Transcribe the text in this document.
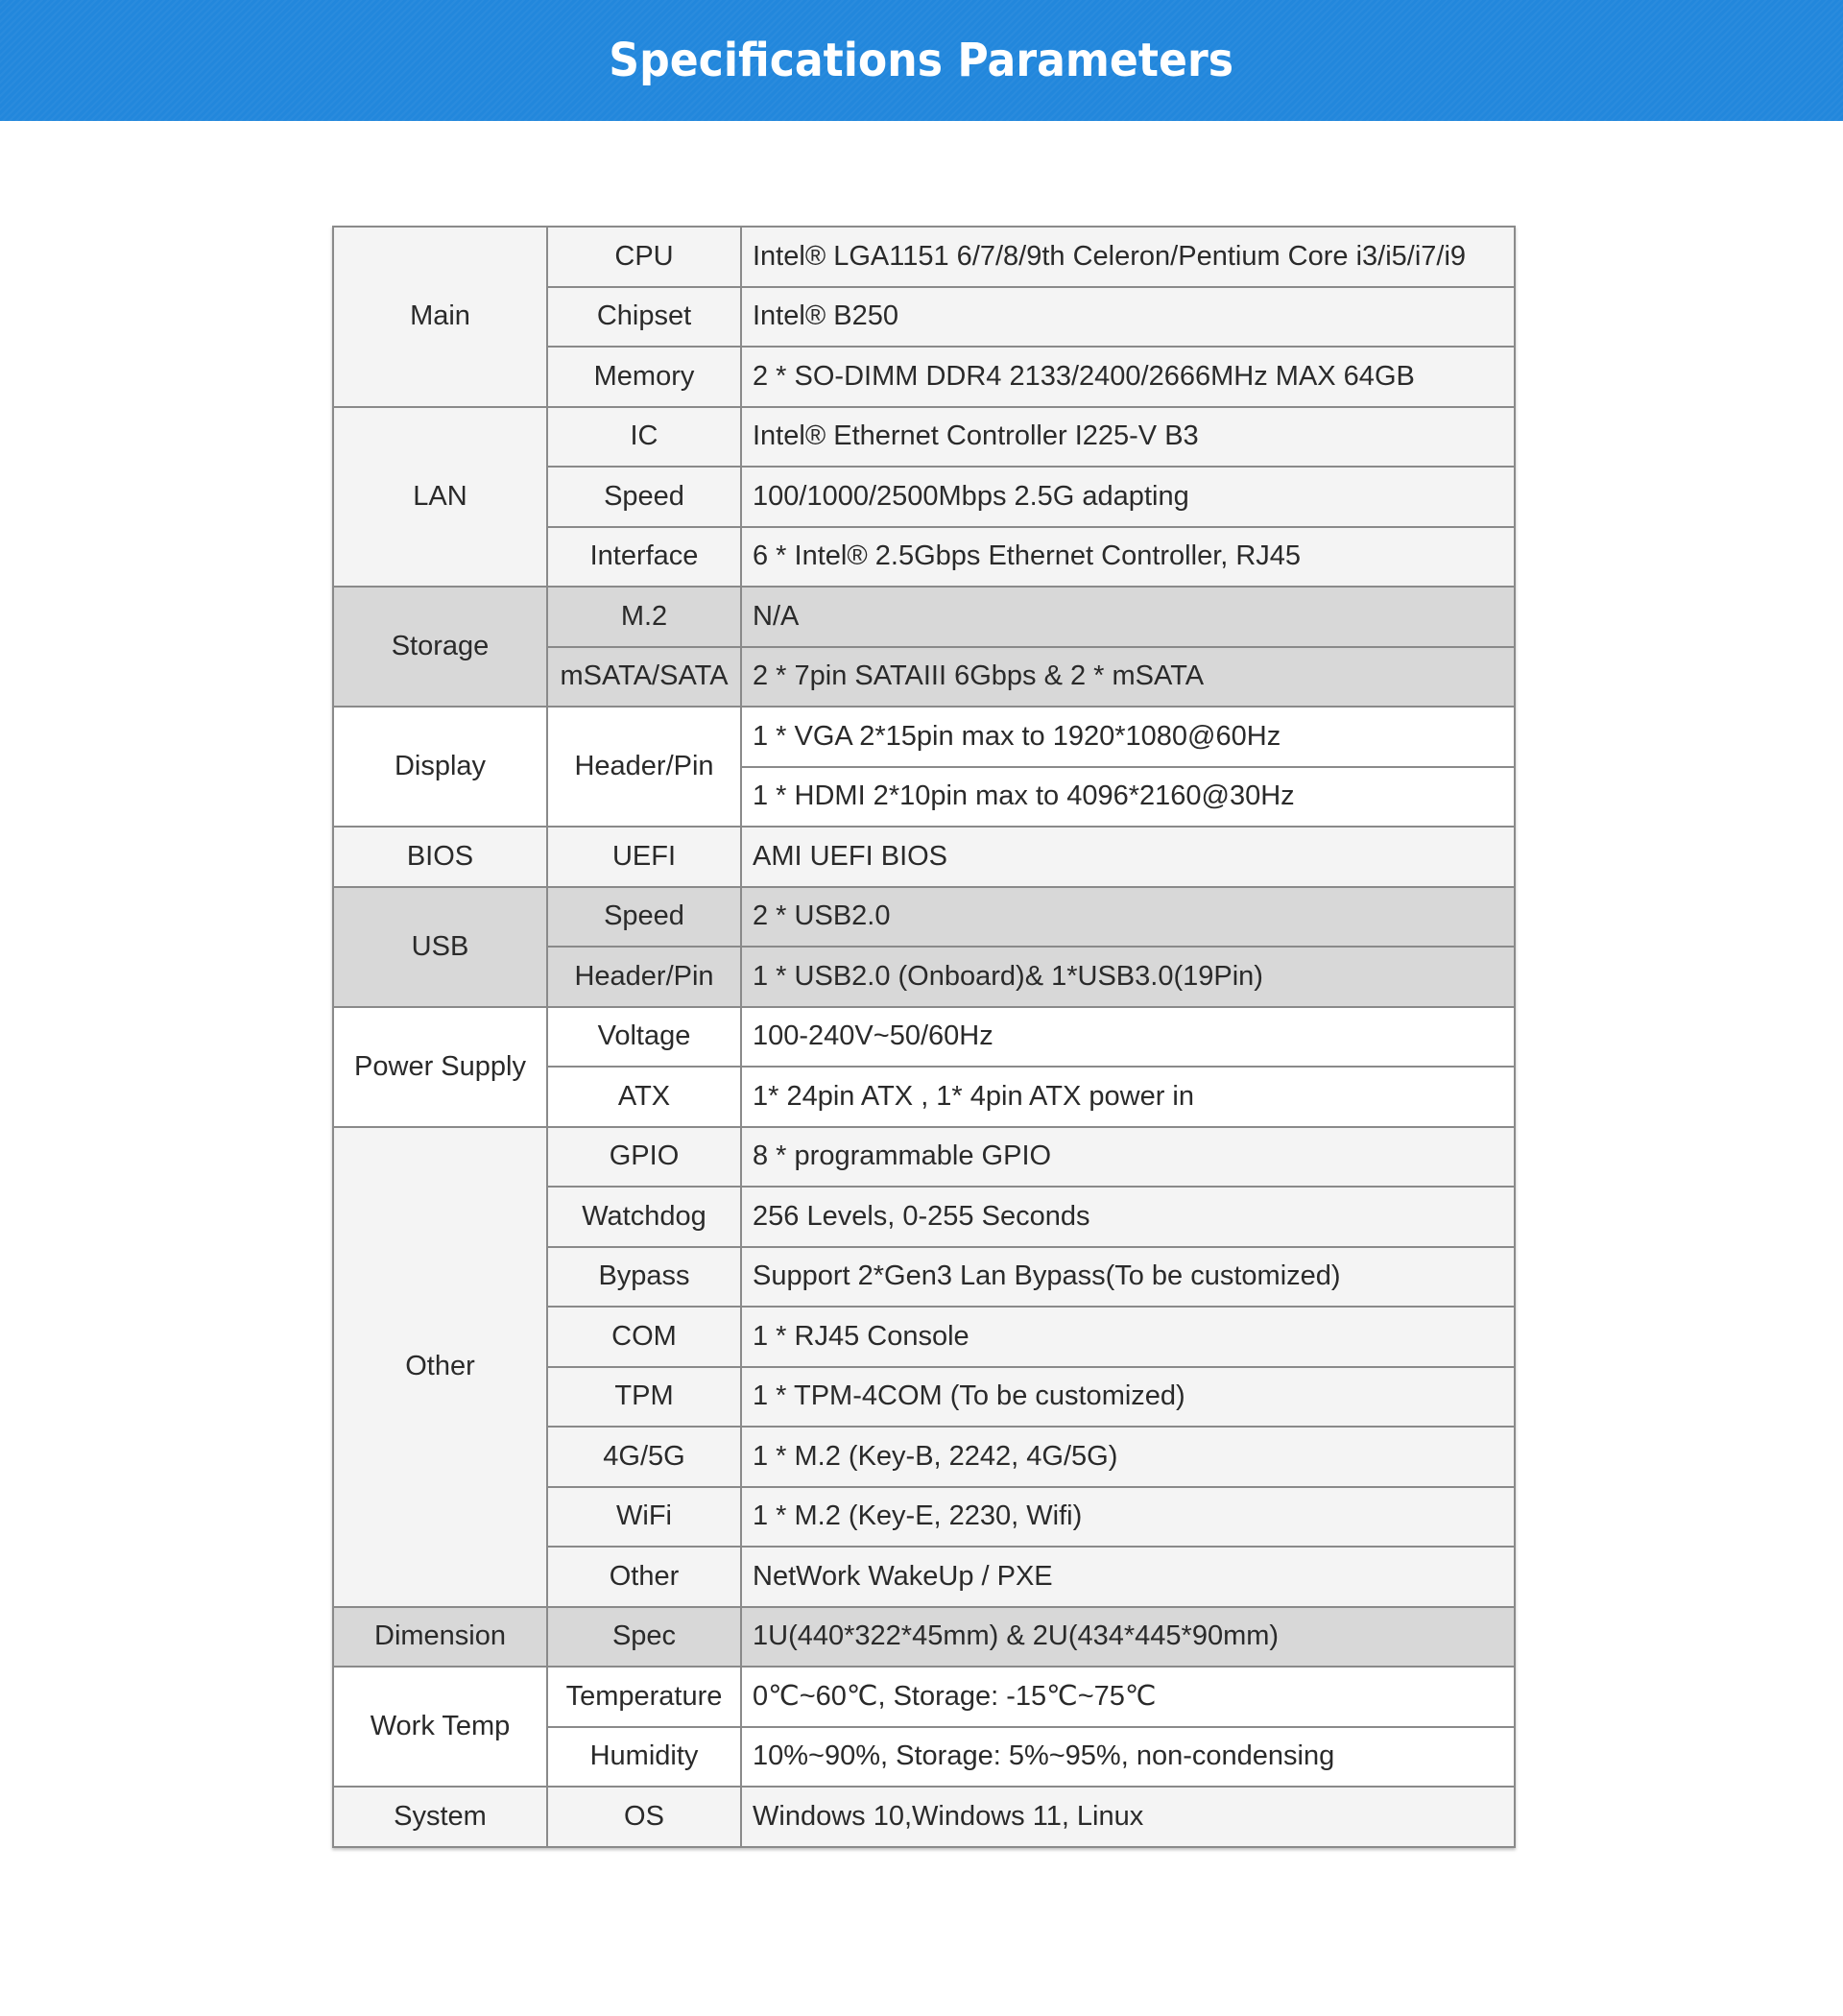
Specifications Parameters
Main	CPU	Intel® LGA1151 6/7/8/9th Celeron/Pentium Core i3/i5/i7/i9
	Chipset	Intel® B250
	Memory	2 * SO-DIMM DDR4 2133/2400/2666MHz MAX 64GB
LAN	IC	Intel® Ethernet Controller I225-V B3
	Speed	100/1000/2500Mbps 2.5G adapting
	Interface	6 * Intel® 2.5Gbps Ethernet Controller, RJ45
Storage	M.2	N/A
	mSATA/SATA	2 * 7pin SATAIII 6Gbps & 2 * mSATA
Display	Header/Pin	1 * VGA 2*15pin max to 1920*1080@60Hz
		1 * HDMI 2*10pin max to 4096*2160@30Hz
BIOS	UEFI	AMI UEFI BIOS
USB	Speed	2 * USB2.0
	Header/Pin	1 * USB2.0 (Onboard)& 1*USB3.0(19Pin)
Power Supply	Voltage	100-240V~50/60Hz
	ATX	1* 24pin ATX , 1* 4pin ATX power in
Other	GPIO	8 * programmable GPIO
	Watchdog	256 Levels, 0-255 Seconds
	Bypass	Support 2*Gen3 Lan Bypass(To be customized)
	COM	1 * RJ45 Console
	TPM	1 * TPM-4COM (To be customized)
	4G/5G	1 * M.2 (Key-B, 2242, 4G/5G)
	WiFi	1 * M.2 (Key-E, 2230, Wifi)
	Other	NetWork WakeUp / PXE
Dimension	Spec	1U(440*322*45mm) & 2U(434*445*90mm)
Work Temp	Temperature	0℃~60℃, Storage: -15℃~75℃
	Humidity	10%~90%, Storage: 5%~95%, non-condensing
System	OS	Windows 10,Windows 11, Linux
